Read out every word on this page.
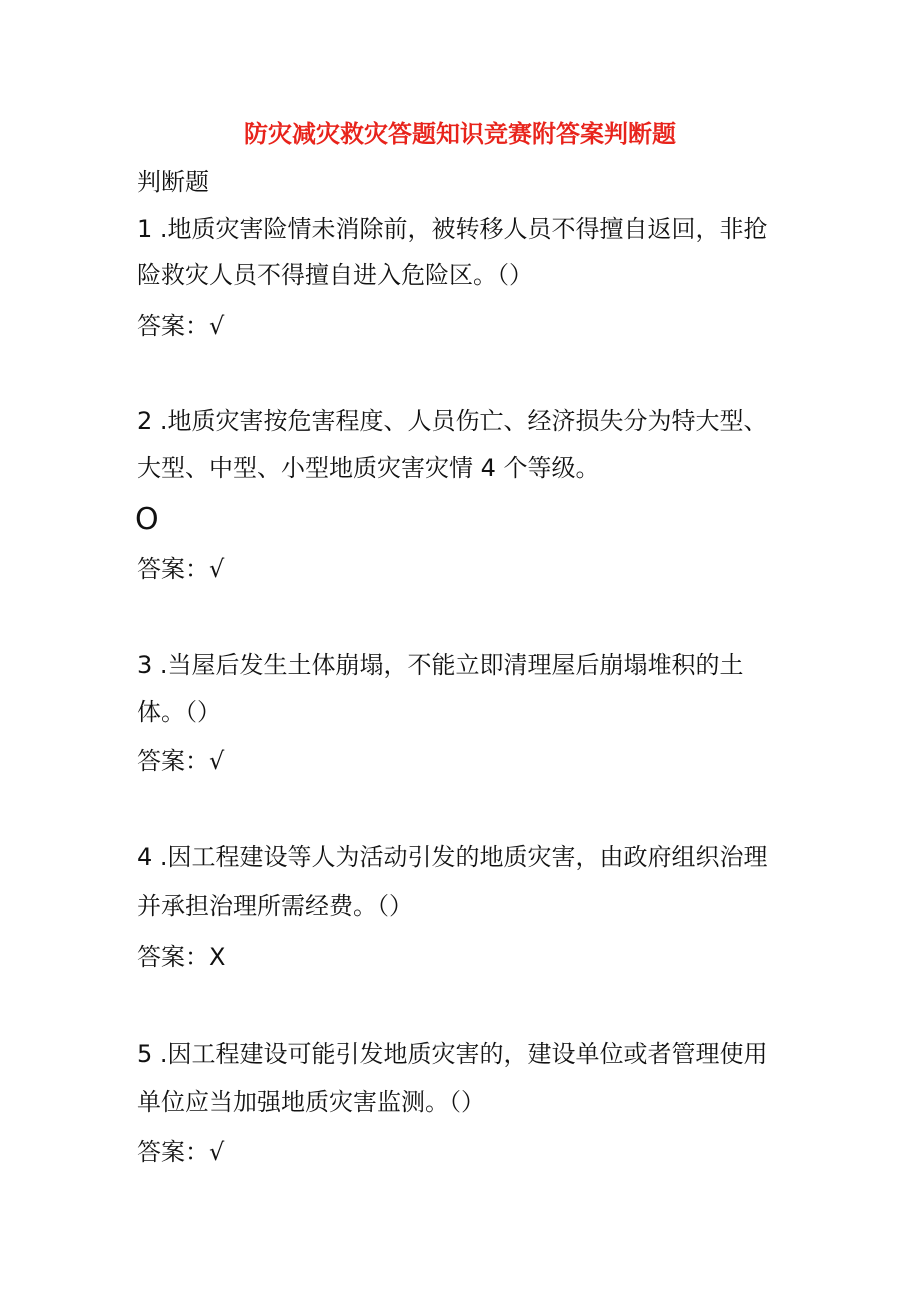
防灾减灾救灾答题知识竞赛附答案判断题
判断题
1 .地质灾害险情未消除前，被转移人员不得擅自返回，非抢
险救灾人员不得擅自进入危险区。（）
答案：√
2 .地质灾害按危害程度、人员伤亡、经济损失分为特大型、
大型、中型、小型地质灾害灾情 4 个等级。
O
答案：√
3 .当屋后发生土体崩塌，不能立即清理屋后崩塌堆积的土
体。（）
答案：√
4 .因工程建设等人为活动引发的地质灾害，由政府组织治理
并承担治理所需经费。（）
答案：X
5 .因工程建设可能引发地质灾害的，建设单位或者管理使用
单位应当加强地质灾害监测。（）
答案：√
